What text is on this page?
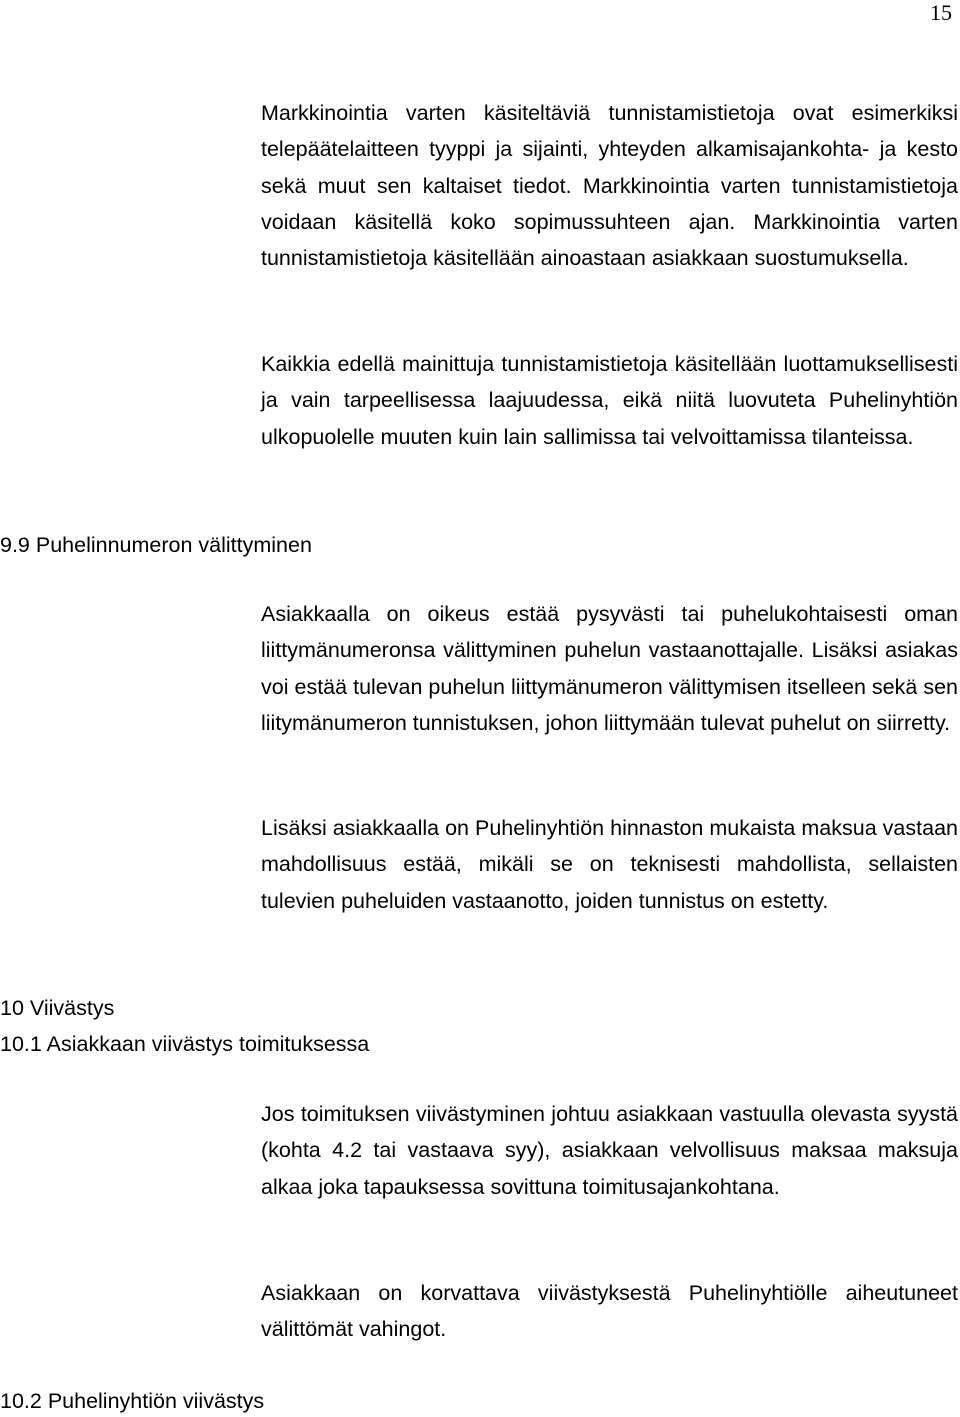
15

Markkinointia varten käsiteltäviä tunnistamistietoja ovat esimerkiksi telepäätelaitteen tyyppi ja sijainti, yhteyden alkamisajankohta- ja kesto sekä muut sen kaltaiset tiedot. Markkinointia varten tunnistamistietoja voidaan käsitellä koko sopimussuhteen ajan. Markkinointia varten tunnistamistietoja käsitellään ainoastaan asiakkaan suostumuksella.

Kaikkia edellä mainittuja tunnistamistietoja käsitellään luottamuksellisesti ja vain tarpeellisessa laajuudessa, eikä niitä luovuteta Puhelinyhtiön ulkopuolelle muuten kuin lain sallimissa tai velvoittamissa tilanteissa.

9.9 Puhelinnumeron välittyminen

Asiakkaalla on oikeus estää pysyvästi tai puhelukohtaisesti oman liittymänumeronsa välittyminen puhelun vastaanottajalle. Lisäksi asiakas voi estää tulevan puhelun liittymänumeron välittymisen itselleen sekä sen liitymänumeron tunnistuksen, johon liittymään tulevat puhelut on siirretty.

Lisäksi asiakkaalla on Puhelinyhtiön hinnaston mukaista maksua vastaan mahdollisuus estää, mikäli se on teknisesti mahdollista, sellaisten tulevien puheluiden vastaanotto, joiden tunnistus on estetty.

10 Viivästys
10.1 Asiakkaan viivästys toimituksessa

Jos toimituksen viivästyminen johtuu asiakkaan vastuulla olevasta syystä (kohta 4.2 tai vastaava syy), asiakkaan velvollisuus maksaa maksuja alkaa joka tapauksessa sovittuna toimitusajankohtana.

Asiakkaan on korvattava viivästyksestä Puhelinyhtiölle aiheutuneet välittömät vahingot.

10.2 Puhelinyhtiön viivästys
